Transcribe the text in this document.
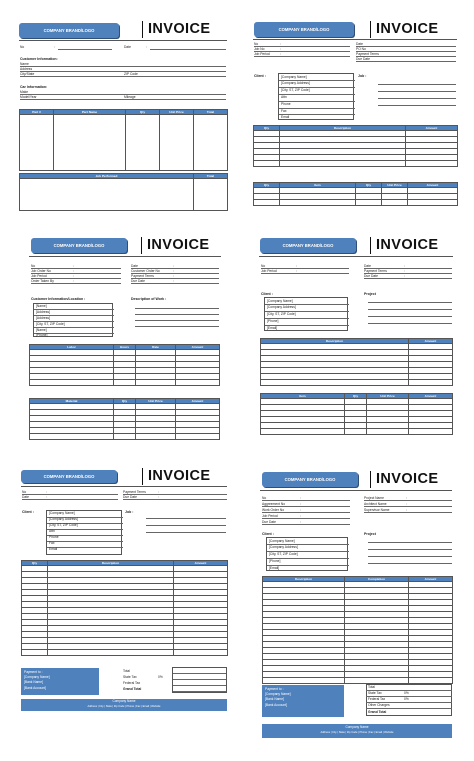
COMPANY BRAND/LOGO	INVOICE
No	:	Date	:
Customer Information:
Name
Address
City/State	ZIP Code
Car Information:
Make
Model/Year	Mileage
Part #	Part Name	Qty	Unit Price	Total

Job Performed	Total

COMPANY BRAND/LOGO	INVOICE
No	:
Job No	:
Job Period	:
Date
PO No
Payment Terms
Due Date
Client :	[Company Name]
[Company Address]
[City, ST, ZIP Code]
Attn
Phone
Fax
Email
Job :
Qty	Description	Amount

Qty	Item	Qty	Unit Price	Amount

COMPANY BRAND/LOGO	INVOICE
No	:
Job Order No	:
Job Period	:
Order Taken By	:
Date	:
Customer Order No	:
Payment Terms	:
Due Date	:
Customer Information/Location :
[Name]
[Address]
[Address]
[City, ST, ZIP Code]
[Name]
[Phone]
Description of Work :
Labor	Hours	Rate	Amount

Material	Qty	Unit Price	Amount

COMPANY BRAND/LOGO	INVOICE
No	:
Job Period	:
Date	:
Payment Terms	:
Due Date	:
Client :
[Company Name]
[Company Address]
[City, ST, ZIP Code]
[Phone]
[Email]
Project
Description	Amount

Item	Qty	Unit Price	Amount

COMPANY BRAND/LOGO	INVOICE
No	:
Date	:
Payment Terms	:
Due Date	:
Client :	[Company Name]
[Company Address]
[City, ST, ZIP Code]
Attn
Phone
Fax
Email
Job :
Qty	Description	Amount

Payment to :
[Company Name]
[Bank Name]
[Bank Account]
Total
State Tax	0%
Federal Tax
Grand Total
Company Name
Address | City | State | Zip Code | Phone | Fax | Email | Website
COMPANY BRAND/LOGO	INVOICE
No	:
Aggreement No	:
Work Order No	:
Job Period	:
Due Date	:
Project Name	:
Architect Name	:
Supervisor Name	:
Client :
[Company Name]
[Company Address]
[City, ST, ZIP Code]
[Phone]
[Email]
Project
Description	Completion	Amount

Payment to :
[Company Name]
[Bank Name]
[Bank Account]
Total
State Tax	0%
Federal Tax	0%
Other Charges
Grand Total
Company Name
Address | City | State | Zip Code | Phone | Fax | Email | Website
